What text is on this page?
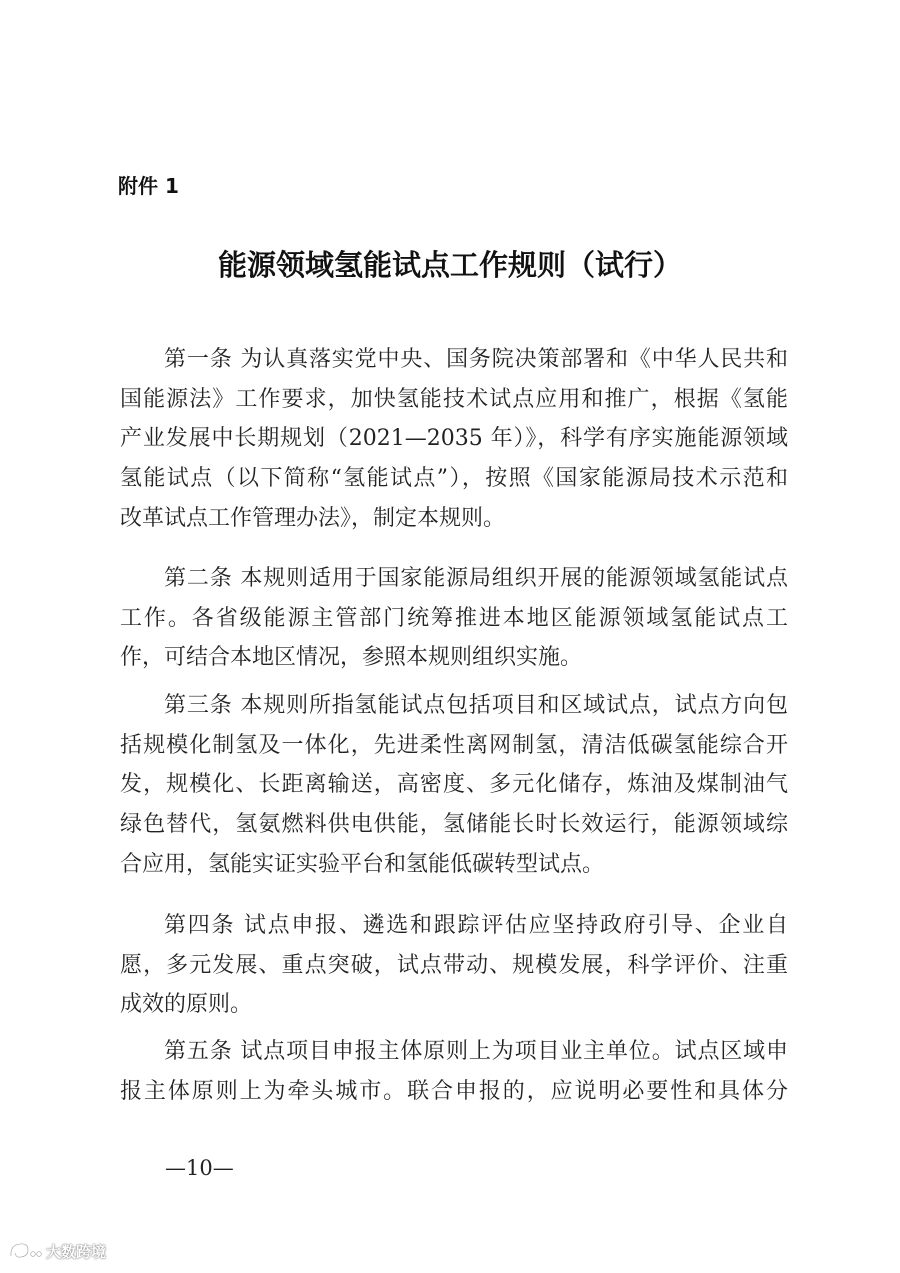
附件 1
能源领域氢能试点工作规则（试行）
第一条 为认真落实党中央、国务院决策部署和《中华人民共和
国能源法》工作要求，加快氢能技术试点应用和推广，根据《氢能
产业发展中长期规划（2021—2035 年）》，科学有序实施能源领域
氢能试点（以下简称“氢能试点”），按照《国家能源局技术示范和
改革试点工作管理办法》，制定本规则。
第二条 本规则适用于国家能源局组织开展的能源领域氢能试点
工作。各省级能源主管部门统筹推进本地区能源领域氢能试点工
作，可结合本地区情况，参照本规则组织实施。
第三条 本规则所指氢能试点包括项目和区域试点，试点方向包
括规模化制氢及一体化，先进柔性离网制氢，清洁低碳氢能综合开
发，规模化、长距离输送，高密度、多元化储存，炼油及煤制油气
绿色替代，氢氨燃料供电供能，氢储能长时长效运行，能源领域综
合应用，氢能实证实验平台和氢能低碳转型试点。
第四条 试点申报、遴选和跟踪评估应坚持政府引导、企业自
愿，多元发展、重点突破，试点带动、规模发展，科学评价、注重
成效的原则。
第五条 试点项目申报主体原则上为项目业主单位。试点区域申
报主体原则上为牵头城市。联合申报的，应说明必要性和具体分
—10—
大数跨境
